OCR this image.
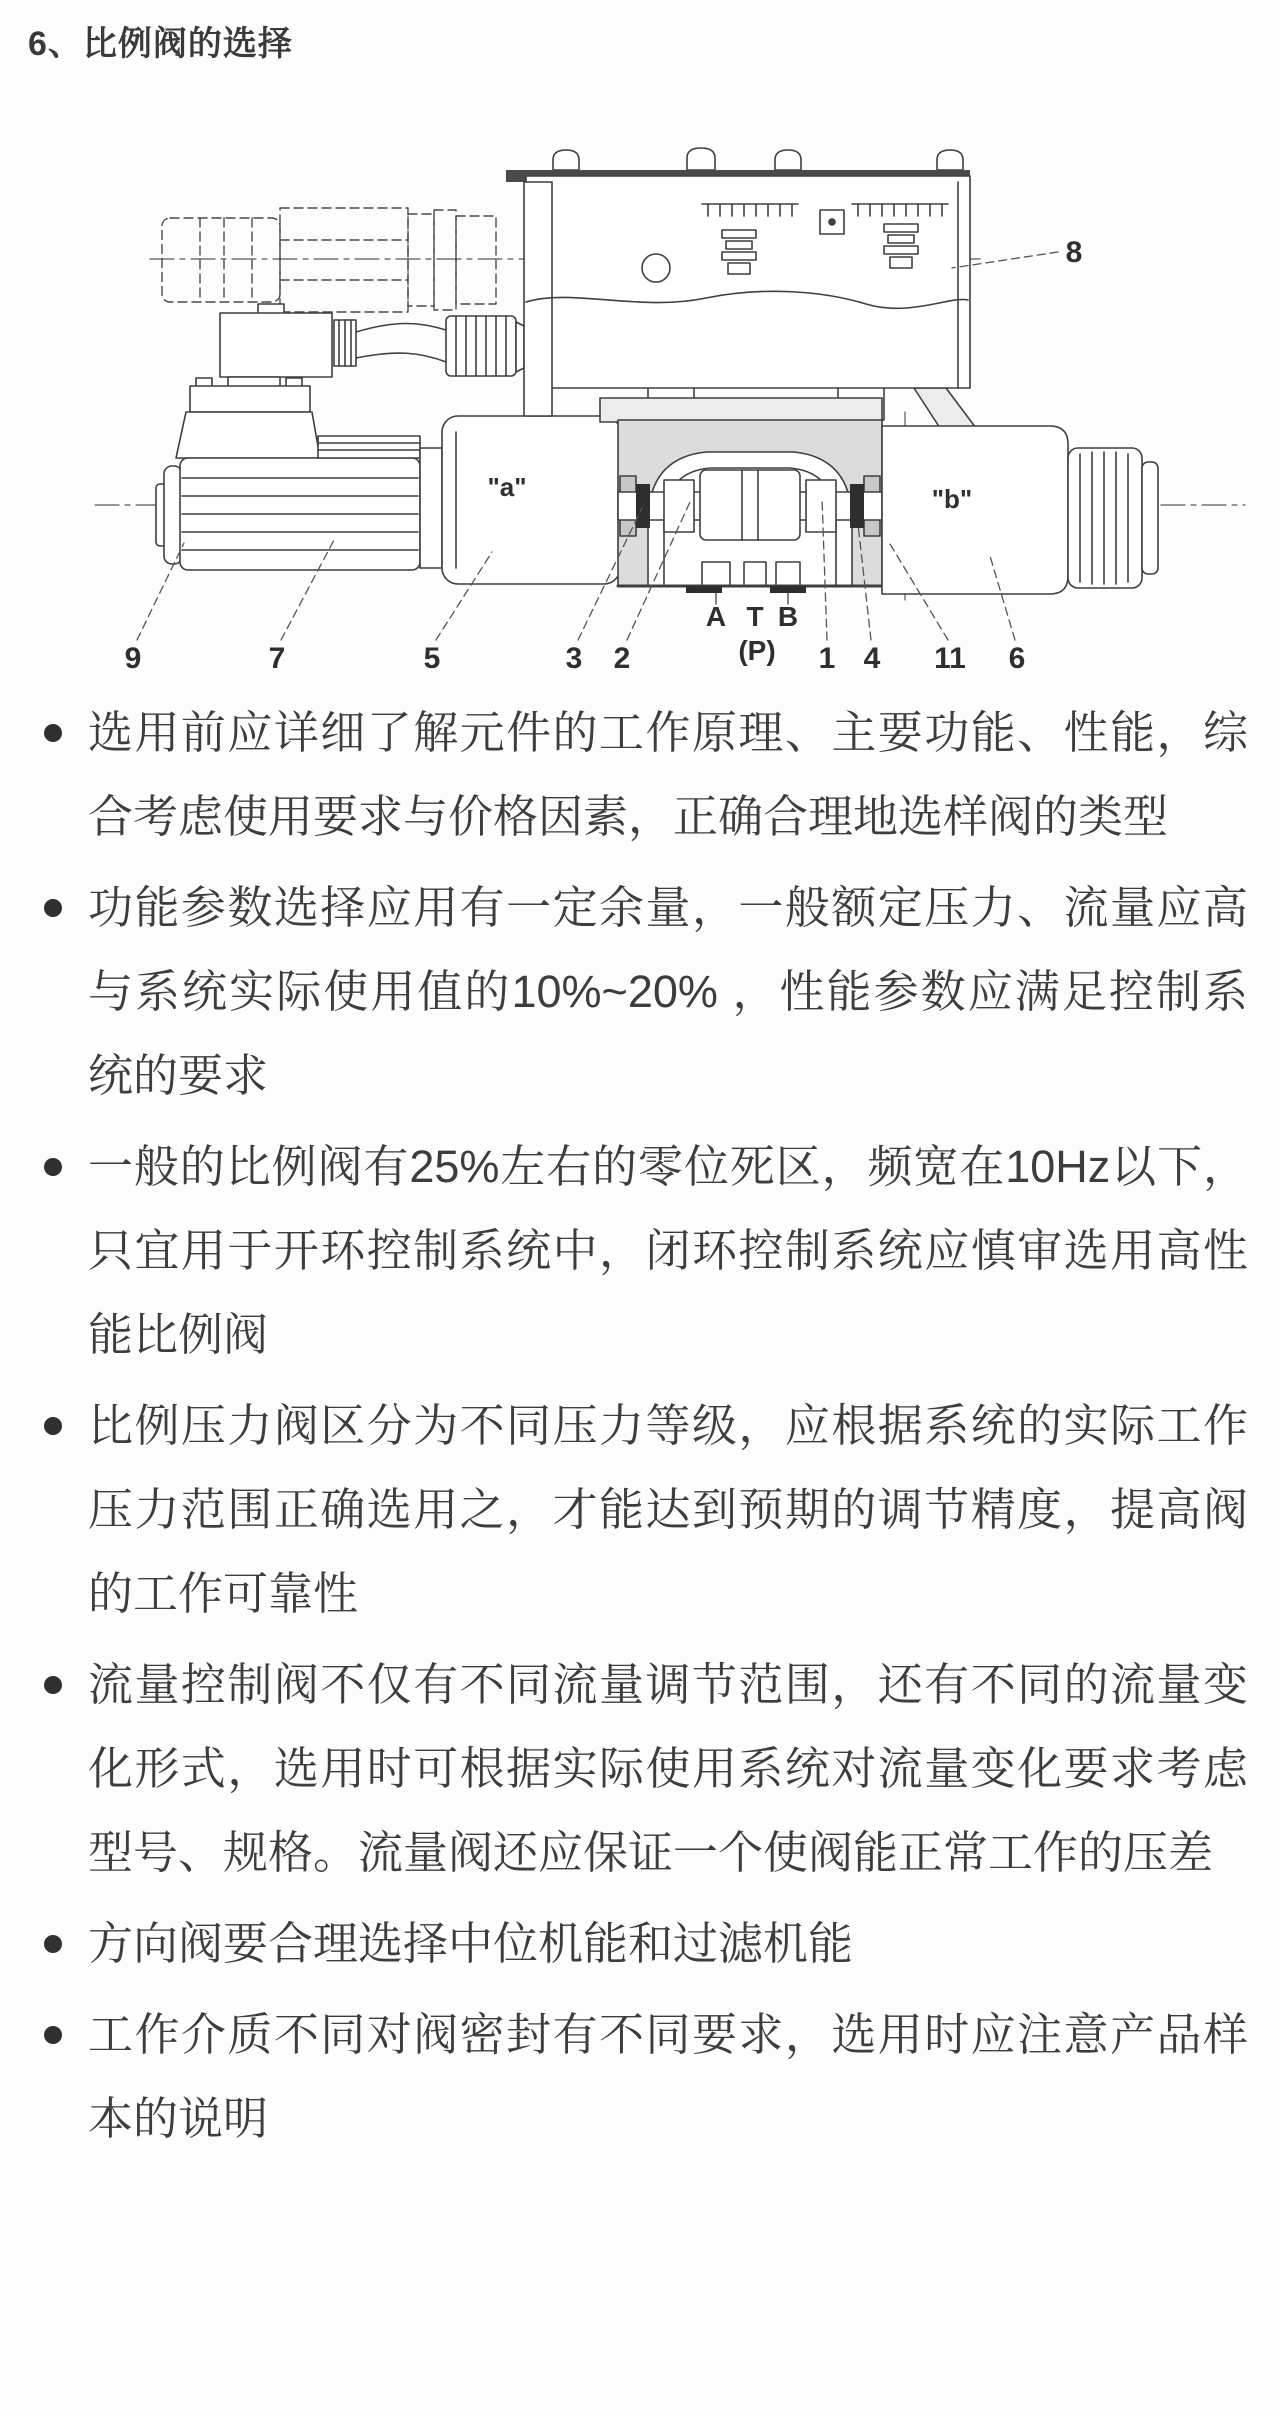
6、比例阀的选择
9	7	5	3 2	1 4 11 6
8
A T B
(P)
"a"	"b"
选用前应详细了解元件的工作原理、主要功能、性能，综合考虑使用要求与价格因素，正确合理地选样阀的类型
功能参数选择应用有一定余量，一般额定压力、流量应高与系统实际使用值的10%~20% ，性能参数应满足控制系统的要求
一般的比例阀有25%左右的零位死区，频宽在10Hz以下，只宜用于开环控制系统中，闭环控制系统应慎审选用高性能比例阀
比例压力阀区分为不同压力等级，应根据系统的实际工作压力范围正确选用之，才能达到预期的调节精度，提高阀的工作可靠性
流量控制阀不仅有不同流量调节范围，还有不同的流量变化形式，选用时可根据实际使用系统对流量变化要求考虑型号、规格。流量阀还应保证一个使阀能正常工作的压差
方向阀要合理选择中位机能和过滤机能
工作介质不同对阀密封有不同要求，选用时应注意产品样本的说明
